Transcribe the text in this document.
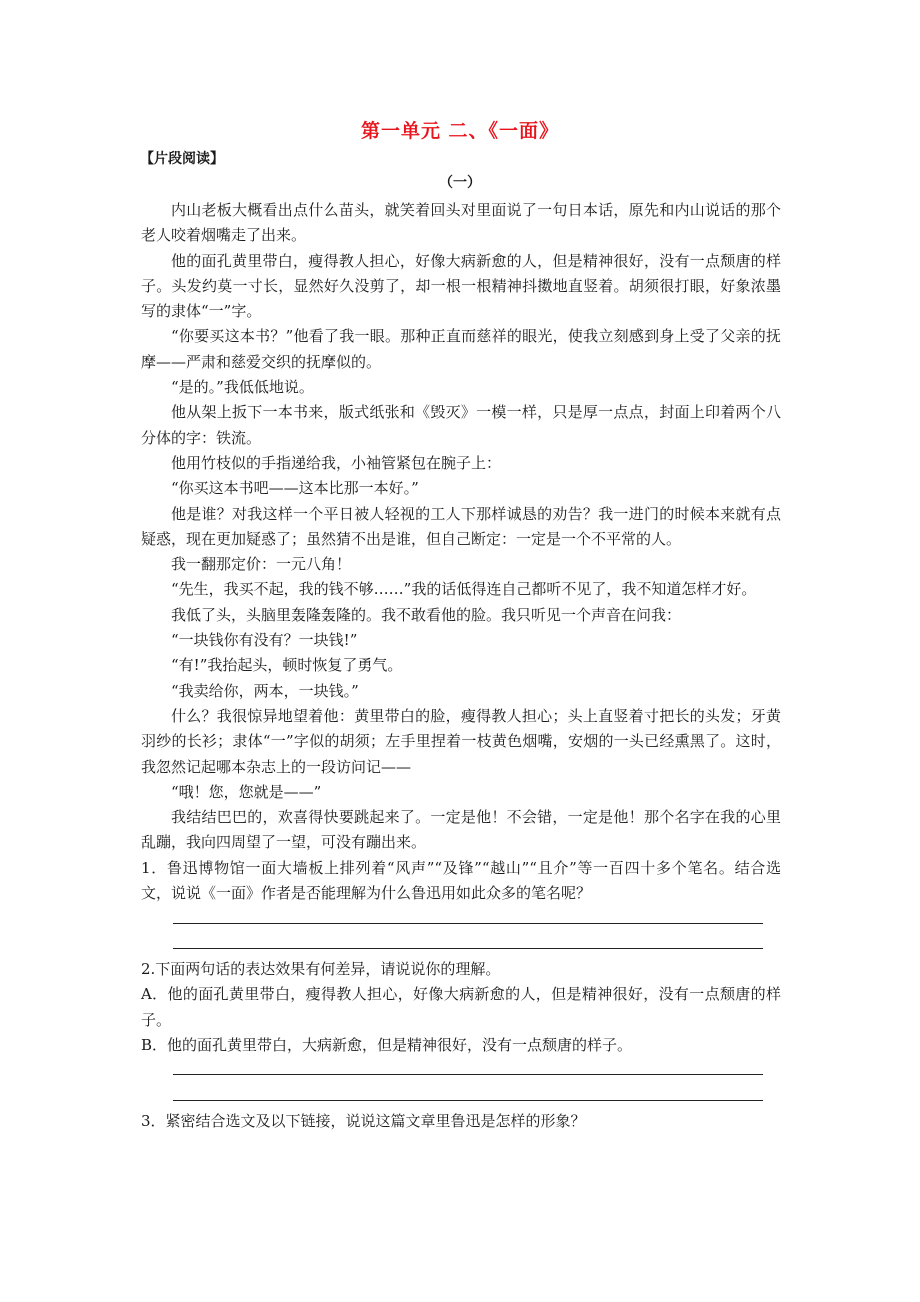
第一单元 二、《一面》
【片段阅读】
（一）

内山老板大概看出点什么苗头，就笑着回头对里面说了一句日本话，原先和内山说话的那个老人咬着烟嘴走了出来。

他的面孔黄里带白，瘦得教人担心，好像大病新愈的人，但是精神很好，没有一点颓唐的样子。头发约莫一寸长，显然好久没剪了，却一根一根精神抖擞地直竖着。胡须很打眼，好象浓墨写的隶体“一”字。

“你要买这本书？”他看了我一眼。那种正直而慈祥的眼光，使我立刻感到身上受了父亲的抚摩——严肃和慈爱交织的抚摩似的。

“是的。”我低低地说。

他从架上扳下一本书来，版式纸张和《毁灭》一模一样，只是厚一点点，封面上印着两个八分体的字：铁流。

他用竹枝似的手指递给我，小袖管紧包在腕子上：

“你买这本书吧——这本比那一本好。”

他是谁？对我这样一个平日被人轻视的工人下那样诚恳的劝告？我一进门的时候本来就有点疑惑，现在更加疑惑了；虽然猜不出是谁，但自己断定：一定是一个不平常的人。

我一翻那定价：一元八角！

“先生，我买不起，我的钱不够……”我的话低得连自己都听不见了，我不知道怎样才好。

我低了头，头脑里轰隆轰隆的。我不敢看他的脸。我只听见一个声音在问我：

“一块钱你有没有？一块钱!”

“有!”我抬起头，顿时恢复了勇气。

“我卖给你，两本，一块钱。”

什么？我很惊异地望着他：黄里带白的脸，瘦得教人担心；头上直竖着寸把长的头发；牙黄羽纱的长衫；隶体“一”字似的胡须；左手里捏着一枝黄色烟嘴，安烟的一头已经熏黑了。这时，我忽然记起哪本杂志上的一段访问记——

“哦！您，您就是——”

我结结巴巴的，欢喜得快要跳起来了。一定是他！不会错，一定是他！那个名字在我的心里乱蹦，我向四周望了一望，可没有蹦出来。

1．鲁迅博物馆一面大墙板上排列着“风声”“及锋”“越山”“且介”等一百四十多个笔名。结合选文，说说《一面》作者是否能理解为什么鲁迅用如此众多的笔名呢？

2.下面两句话的表达效果有何差异，请说说你的理解。

A．他的面孔黄里带白，瘦得教人担心，好像大病新愈的人，但是精神很好，没有一点颓唐的样子。

B．他的面孔黄里带白，大病新愈，但是精神很好，没有一点颓唐的样子。

3．紧密结合选文及以下链接，说说这篇文章里鲁迅是怎样的形象？
